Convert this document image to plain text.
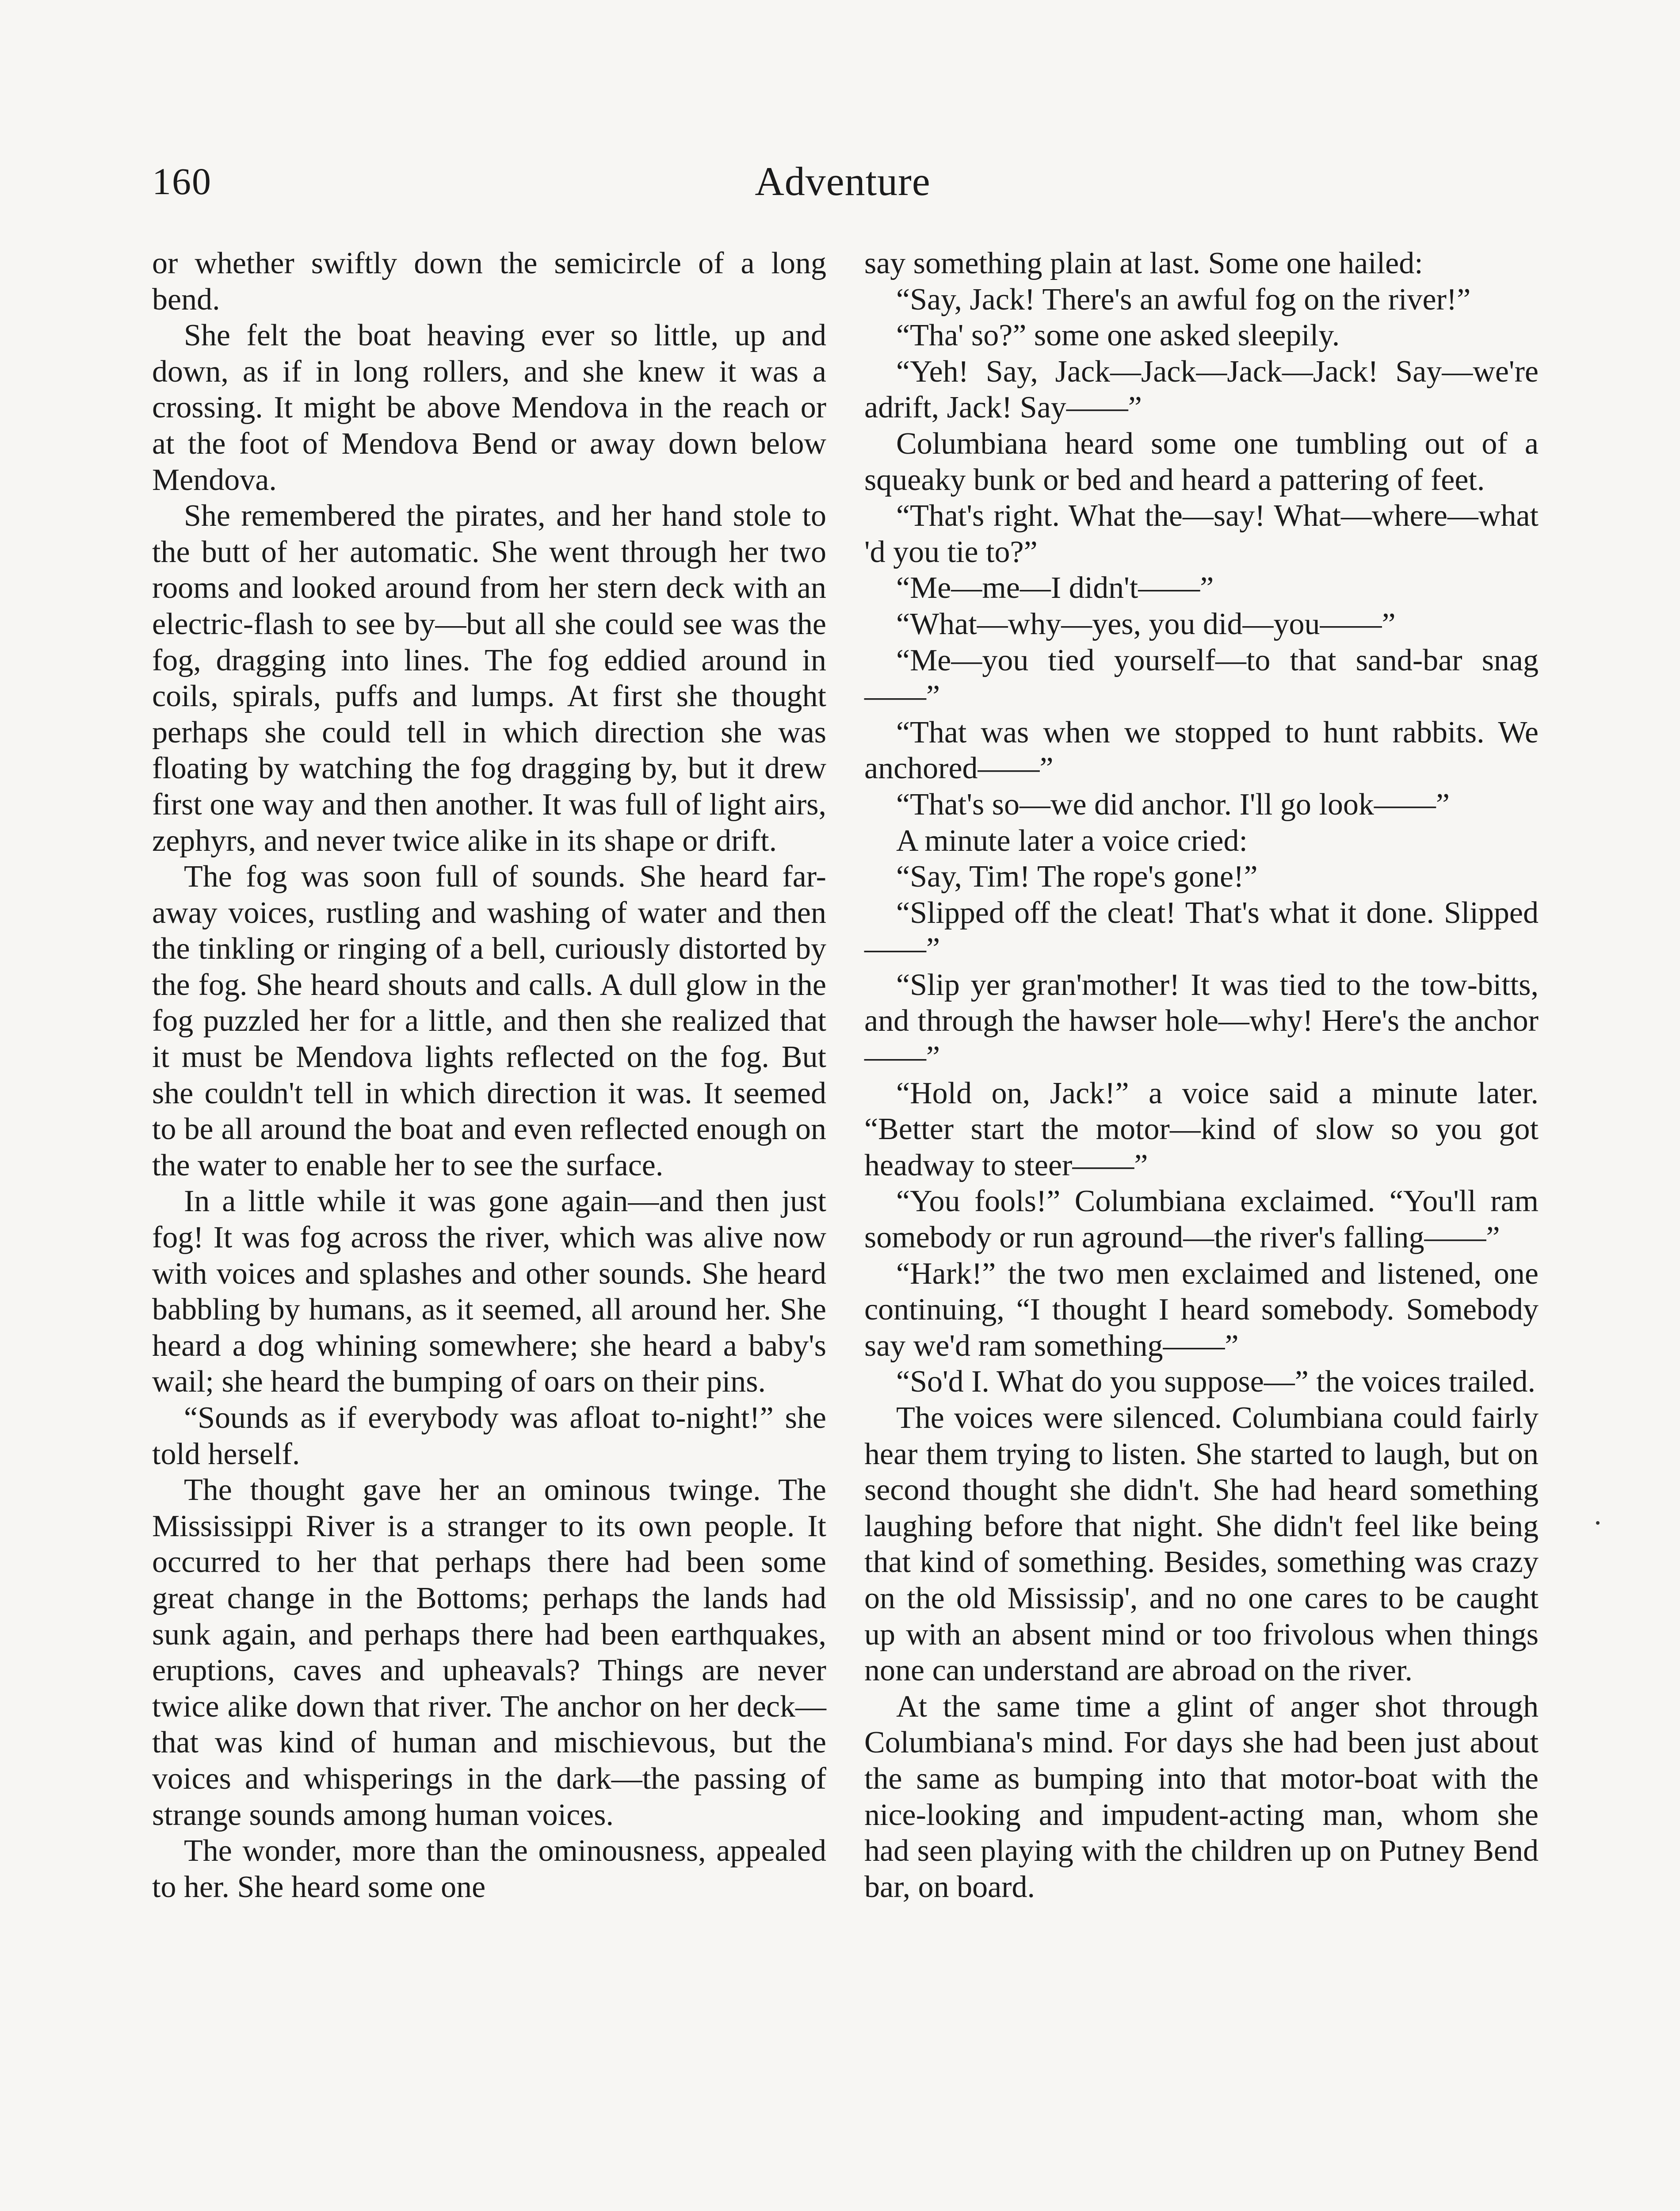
160	Adventure

or whether swiftly down the semicircle of a long bend.

She felt the boat heaving ever so little, up and down, as if in long rollers, and she knew it was a crossing. It might be above Mendova in the reach or at the foot of Mendova Bend or away down below Mendova.

She remembered the pirates, and her hand stole to the butt of her automatic. She went through her two rooms and looked around from her stern deck with an electric-flash to see by—but all she could see was the fog, dragging into lines. The fog eddied around in coils, spirals, puffs and lumps. At first she thought perhaps she could tell in which direction she was floating by watching the fog dragging by, but it drew first one way and then another. It was full of light airs, zephyrs, and never twice alike in its shape or drift.

The fog was soon full of sounds. She heard far-away voices, rustling and washing of water and then the tinkling or ringing of a bell, curiously distorted by the fog. She heard shouts and calls. A dull glow in the fog puzzled her for a little, and then she realized that it must be Mendova lights reflected on the fog. But she couldn't tell in which direction it was. It seemed to be all around the boat and even reflected enough on the water to enable her to see the surface.

In a little while it was gone again—and then just fog! It was fog across the river, which was alive now with voices and splashes and other sounds. She heard babbling by humans, as it seemed, all around her. She heard a dog whining somewhere; she heard a baby's wail; she heard the bumping of oars on their pins.

“Sounds as if everybody was afloat to-night!” she told herself.

The thought gave her an ominous twinge. The Mississippi River is a stranger to its own people. It occurred to her that perhaps there had been some great change in the Bottoms; perhaps the lands had sunk again, and perhaps there had been earthquakes, eruptions, caves and upheavals? Things are never twice alike down that river. The anchor on her deck—that was kind of human and mischievous, but the voices and whisperings in the dark—the passing of strange sounds among human voices.

The wonder, more than the ominousness, appealed to her. She heard some one

say something plain at last. Some one hailed:

“Say, Jack! There's an awful fog on the river!”

“Tha' so?” some one asked sleepily.

“Yeh! Say, Jack—Jack—Jack—Jack! Say—we're adrift, Jack! Say——”

Columbiana heard some one tumbling out of a squeaky bunk or bed and heard a pattering of feet.

“That's right. What the—say! What—where—what 'd you tie to?”

“Me—me—I didn't——”

“What—why—yes, you did—you——”

“Me—you tied yourself—to that sand-bar snag——”

“That was when we stopped to hunt rabbits. We anchored——”

“That's so—we did anchor. I'll go look——”

A minute later a voice cried:

“Say, Tim! The rope's gone!”

“Slipped off the cleat! That's what it done. Slipped——”

“Slip yer gran'mother! It was tied to the tow-bitts, and through the hawser hole—why! Here's the anchor——”

“Hold on, Jack!” a voice said a minute later. “Better start the motor—kind of slow so you got headway to steer——”

“You fools!” Columbiana exclaimed. “You'll ram somebody or run aground—the river's falling——”

“Hark!” the two men exclaimed and listened, one continuing, “I thought I heard somebody. Somebody say we'd ram something——”

“So'd I. What do you suppose—” the voices trailed.

The voices were silenced. Columbiana could fairly hear them trying to listen. She started to laugh, but on second thought she didn't. She had heard something laughing before that night. She didn't feel like being that kind of something. Besides, something was crazy on the old Mississip', and no one cares to be caught up with an absent mind or too frivolous when things none can understand are abroad on the river.

At the same time a glint of anger shot through Columbiana's mind. For days she had been just about the same as bumping into that motor-boat with the nice-looking and impudent-acting man, whom she had seen playing with the children up on Putney Bend bar, on board.
